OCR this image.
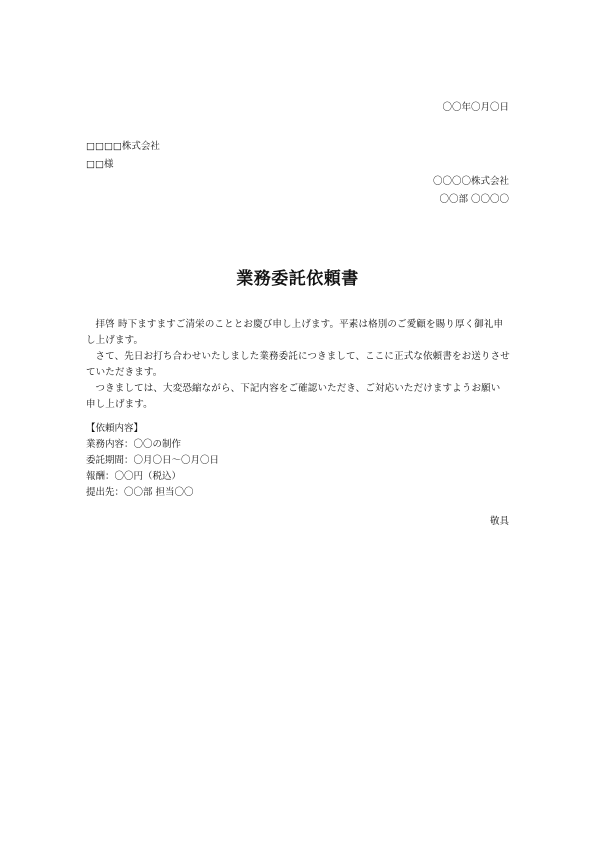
〇〇年〇月〇日
□□□□株式会社
□□様
〇〇〇〇株式会社
〇〇部 〇〇〇〇
業務委託依頼書

拝啓 時下ますますご清栄のこととお慶び申し上げます。平素は格別のご愛顧を賜り厚く御礼申し上げます。

さて、先日お打ち合わせいたしました業務委託につきまして、ここに正式な依頼書をお送りさせていただきます。

つきましては、大変恐縮ながら、下記内容をご確認いただき、ご対応いただけますようお願い申し上げます。

【依頼内容】
業務内容：〇〇の制作
委託期間：〇月〇日～〇月〇日
報酬：〇〇円（税込）
提出先：〇〇部 担当〇〇
敬具
